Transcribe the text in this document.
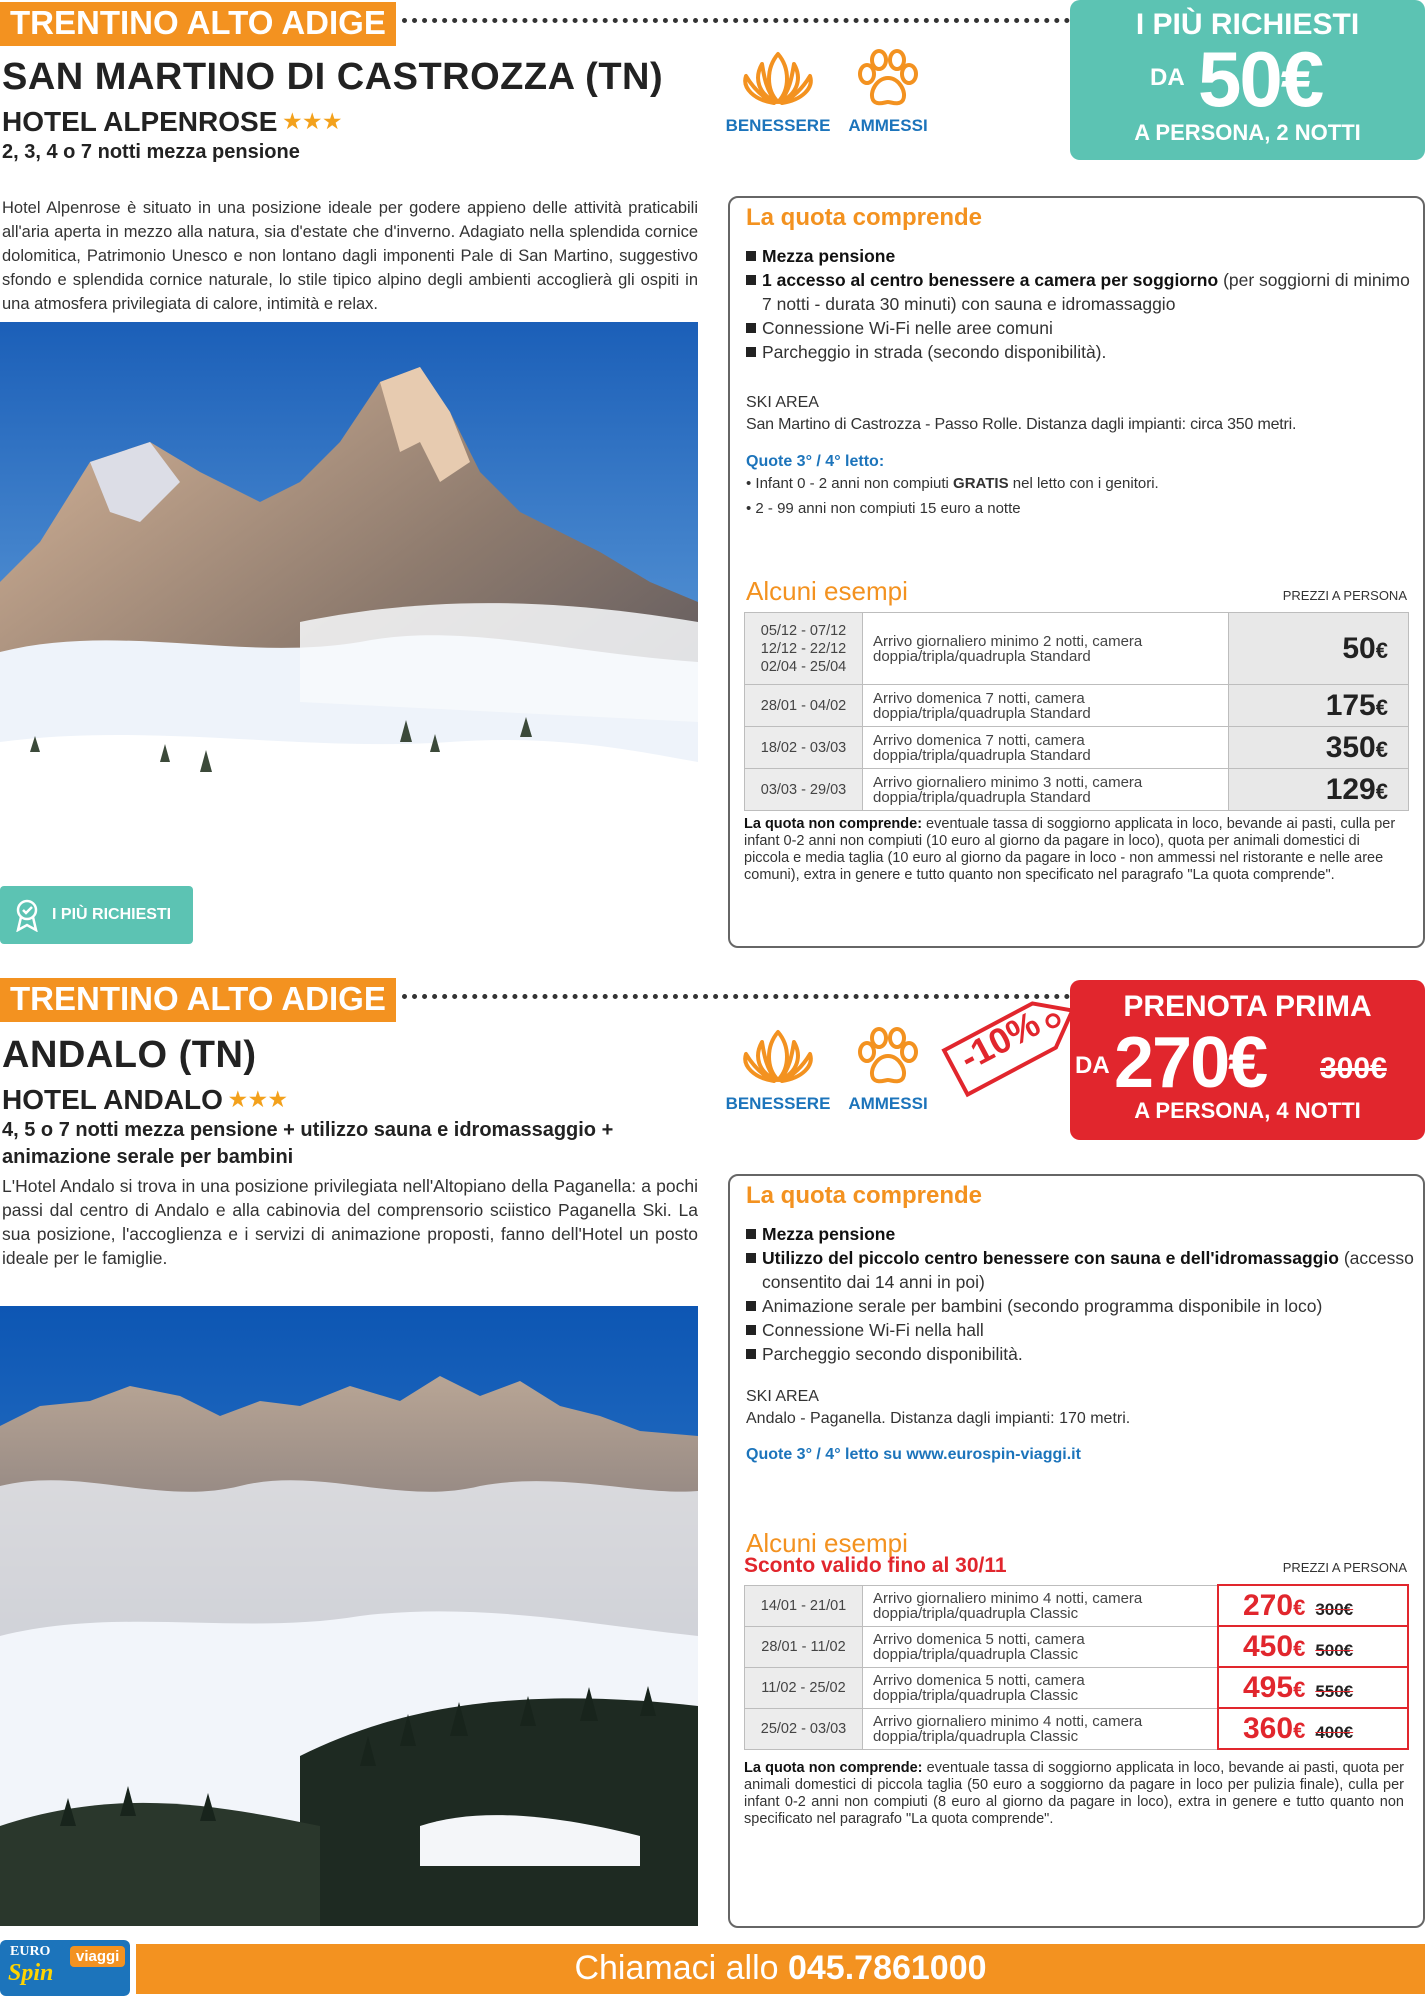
TRENTINO ALTO ADIGE
SAN MARTINO DI CASTROZZA (TN)
HOTEL ALPENROSE ★★★
2, 3, 4 o 7 notti mezza pensione
BENESSERE AMMESSI
I PIÙ RICHIESTI
DA 50€
A PERSONA, 2 NOTTI
Hotel Alpenrose è situato in una posizione ideale per godere appieno delle attività praticabili all'aria aperta in mezzo alla natura, sia d'estate che d'inverno. Adagiato nella splendida cornice dolomitica, Patrimonio Unesco e non lontano dagli imponenti Pale di San Martino, suggestivo sfondo e splendida cornice naturale, lo stile tipico alpino degli ambienti accoglierà gli ospiti in una atmosfera privilegiata di calore, intimità e relax.
I PIÙ RICHIESTI
La quota comprende
Mezza pensione
1 accesso al centro benessere a camera per soggiorno (per soggiorni di minimo 7 notti - durata 30 minuti) con sauna e idromassaggio
Connessione Wi-Fi nelle aree comuni
Parcheggio in strada (secondo disponibilità).
SKI AREA
San Martino di Castrozza - Passo Rolle. Distanza dagli impianti: circa 350 metri.
Quote 3° / 4° letto:
• Infant 0 - 2 anni non compiuti GRATIS nel letto con i genitori.
• 2 - 99 anni non compiuti 15 euro a notte
Alcuni esempi	PREZZI A PERSONA
05/12 - 07/12
12/12 - 22/12
02/04 - 25/04	Arrivo giornaliero minimo 2 notti, camera doppia/tripla/quadrupla Standard	50€
28/01 - 04/02	Arrivo domenica 7 notti, camera doppia/tripla/quadrupla Standard	175€
18/02 - 03/03	Arrivo domenica 7 notti, camera doppia/tripla/quadrupla Standard	350€
03/03 - 29/03	Arrivo giornaliero minimo 3 notti, camera doppia/tripla/quadrupla Standard	129€
La quota non comprende: eventuale tassa di soggiorno applicata in loco, bevande ai pasti, culla per infant 0-2 anni non compiuti (10 euro al giorno da pagare in loco), quota per animali domestici di piccola e media taglia (10 euro al giorno da pagare in loco - non ammessi nel ristorante e nelle aree comuni), extra in genere e tutto quanto non specificato nel paragrafo "La quota comprende".
TRENTINO ALTO ADIGE
ANDALO (TN)
HOTEL ANDALO ★★★
4, 5 o 7 notti mezza pensione + utilizzo sauna e idromassaggio + animazione serale per bambini
BENESSERE AMMESSI
-10%	PRENOTA PRIMA
DA 270€ 300€
A PERSONA, 4 NOTTI
L'Hotel Andalo si trova in una posizione privilegiata nell'Altopiano della Paganella: a pochi passi dal centro di Andalo e alla cabinovia del comprensorio sciistico Paganella Ski. La sua posizione, l'accoglienza e i servizi di animazione proposti, fanno dell'Hotel un posto ideale per le famiglie.
La quota comprende
Mezza pensione
Utilizzo del piccolo centro benessere con sauna e dell'idromassaggio (accesso consentito dai 14 anni in poi)
Animazione serale per bambini (secondo programma disponibile in loco)
Connessione Wi-Fi nella hall
Parcheggio secondo disponibilità.
SKI AREA
Andalo - Paganella. Distanza dagli impianti: 170 metri.
Quote 3° / 4° letto su www.eurospin-viaggi.it
Alcuni esempi
Sconto valido fino al 30/11	PREZZI A PERSONA
14/01 - 21/01	Arrivo giornaliero minimo 4 notti, camera doppia/tripla/quadrupla Classic	270€ 300€
28/01 - 11/02	Arrivo domenica 5 notti, camera doppia/tripla/quadrupla Classic	450€ 500€
11/02 - 25/02	Arrivo domenica 5 notti, camera doppia/tripla/quadrupla Classic	495€ 550€
25/02 - 03/03	Arrivo giornaliero minimo 4 notti, camera doppia/tripla/quadrupla Classic	360€ 400€
La quota non comprende: eventuale tassa di soggiorno applicata in loco, bevande ai pasti, quota per animali domestici di piccola taglia (50 euro a soggiorno da pagare in loco per pulizia finale), culla per infant 0-2 anni non compiuti (8 euro al giorno da pagare in loco), extra in genere e tutto quanto non specificato nel paragrafo "La quota comprende".
EURO
Spin
viaggi	Chiamaci allo 045.7861000
